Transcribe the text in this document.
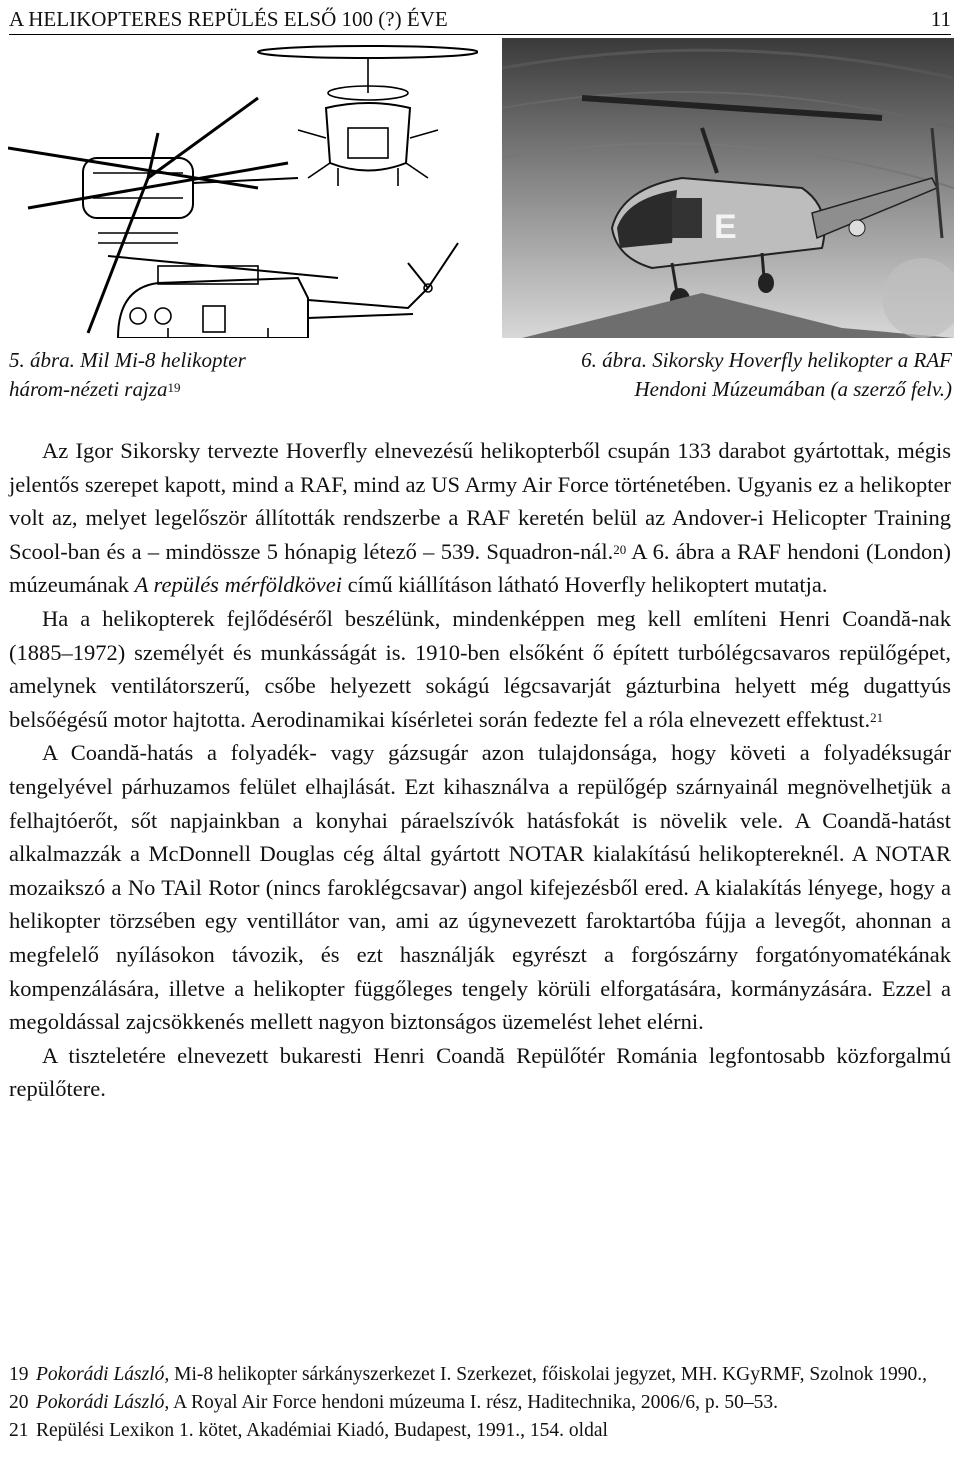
A HELIKOPTERES REPÜLÉS ELSŐ 100 (?) ÉVE	11
E
5. ábra. Mil Mi-8 helikopter
három-nézeti rajza$^{19}$
6. ábra. Sikorsky Hoverfly helikopter a RAF
Hendoni Múzeumában (a szerző felv.)

Az Igor Sikorsky tervezte Hoverfly elnevezésű helikopterből csupán 133 darabot gyártottak, mégis jelentős szerepet kapott, mind a RAF, mind az US Army Air Force történetében. Ugyanis ez a helikopter volt az, melyet legelőször állították rendszerbe a RAF keretén belül az Andover-i Helicopter Training Scool-ban és a – mindössze 5 hónapig létező – 539. Squadron-nál.$^{20}$ A 6. ábra a RAF hendoni (London) múzeumának A repülés mérföldkövei című kiállításon látható Hoverfly helikoptert mutatja.

Ha a helikopterek fejlődéséről beszélünk, mindenképpen meg kell említeni Henri Coandă-nak (1885–1972) személyét és munkásságát is. 1910-ben elsőként ő épített turbólégcsavaros repülőgépet, amelynek ventilátorszerű, csőbe helyezett sokágú légcsavarját gázturbina helyett még dugattyús belsőégésű motor hajtotta. Aerodinamikai kísérletei során fedezte fel a róla elnevezett effektust.$^{21}$

A Coandă-hatás a folyadék- vagy gázsugár azon tulajdonsága, hogy követi a folyadéksugár tengelyével párhuzamos felület elhajlását. Ezt kihasználva a repülőgép szárnyainál megnövelhetjük a felhajtóerőt, sőt napjainkban a konyhai páraelszívók hatásfokát is növelik vele. A Coandă-hatást alkalmazzák a McDonnell Douglas cég által gyártott NOTAR kialakítású helikoptereknél. A NOTAR mozaikszó a No TAil Rotor (nincs faroklégcsavar) angol kifejezésből ered. A kialakítás lényege, hogy a helikopter törzsében egy ventillátor van, ami az úgynevezett faroktartóba fújja a levegőt, ahonnan a megfelelő nyílásokon távozik, és ezt használják egyrészt a forgószárny forgatónyomatékának kompenzálására, illetve a helikopter függőleges tengely körüli elforgatására, kormányzására. Ezzel a megoldással zajcsökkenés mellett nagyon biztonságos üzemelést lehet elérni.

A tiszteletére elnevezett bukaresti Henri Coandă Repülőtér Románia legfontosabb közforgalmú repülőtere.

19 Pokorádi László, Mi-8 helikopter sárkányszerkezet I. Szerkezet, főiskolai jegyzet, MH. KGyRMF, Szolnok 1990.,
20 Pokorádi László, A Royal Air Force hendoni múzeuma I. rész, Haditechnika, 2006/6, p. 50–53.
21 Repülési Lexikon 1. kötet, Akadémiai Kiadó, Budapest, 1991., 154. oldal
